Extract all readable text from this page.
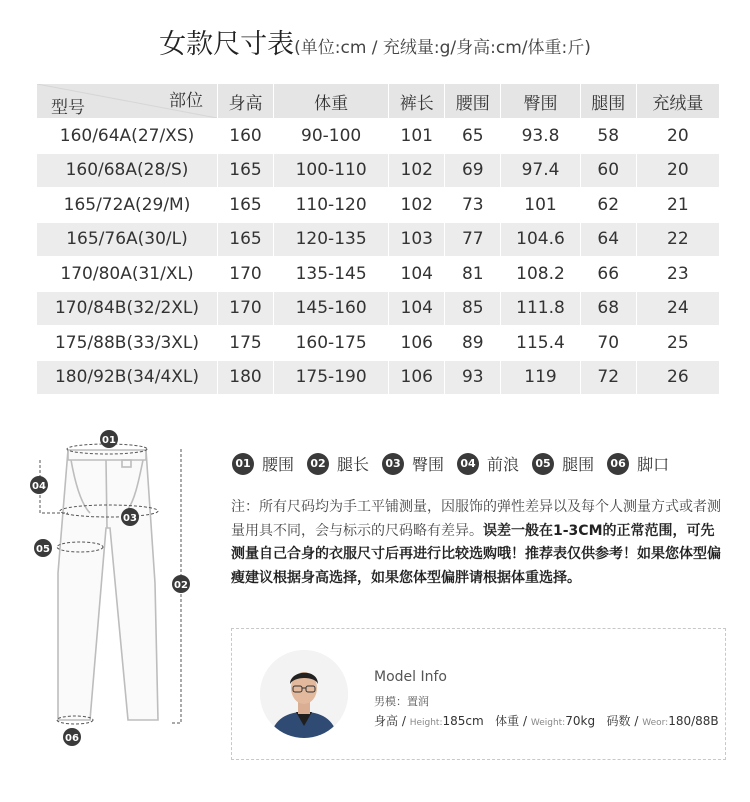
女款尺寸表(单位:cm / 充绒量:g/身高:cm/体重:斤)
部位
型号	身高	体重	裤长	腰围	臀围	腿围	充绒量
160/64A(27/XS)	160	90-100	101	65	93.8	58	20
160/68A(28/S)	165	100-110	102	69	97.4	60	20
165/72A(29/M)	165	110-120	102	73	101	62	21
165/76A(30/L)	165	120-135	103	77	104.6	64	22
170/80A(31/XL)	170	135-145	104	81	108.2	66	23
170/84B(32/2XL)	170	145-160	104	85	111.8	68	24
175/88B(33/3XL)	175	160-175	106	89	115.4	70	25
180/92B(34/4XL)	180	175-190	106	93	119	72	26
01
02
03
04
05
06
01 腰围	02 腿长	03 臀围	04 前浪	05 腿围	06 脚口
注：所有尺码均为手工平铺测量，因服饰的弹性差异以及每个人测量方式或者测量用具不同，会与标示的尺码略有差异。误差一般在1-3CM的正常范围，可先测量自己合身的衣服尺寸后再进行比较选购哦！推荐表仅供参考！如果您体型偏瘦建议根据身高选择，如果您体型偏胖请根据体重选择。
Model Info
男模：置润
身高 / Height:185cm 体重 / Weight:70kg 码数 / Weor:180/88B
